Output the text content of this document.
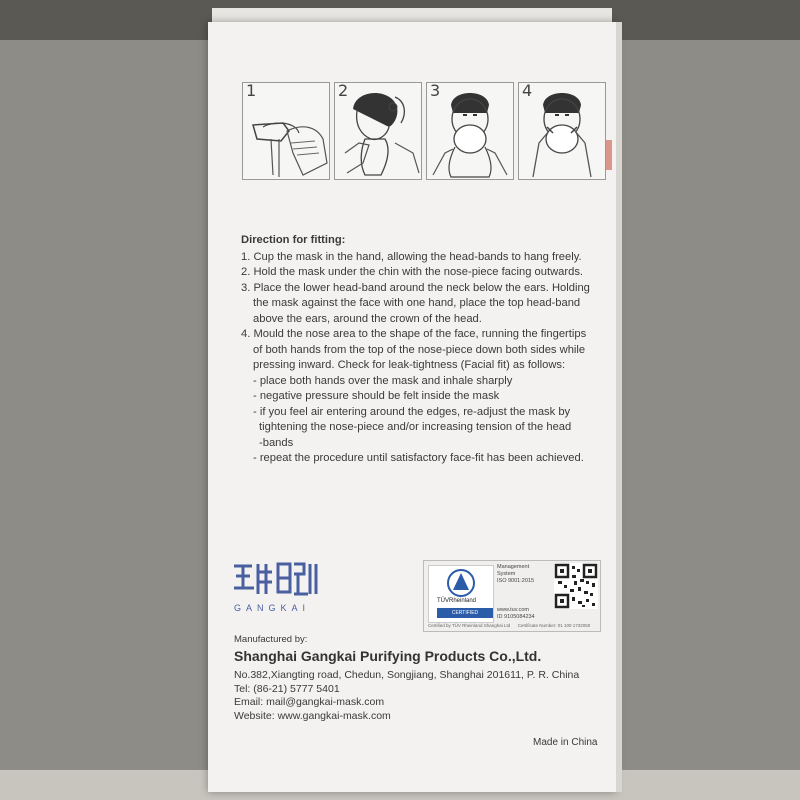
1	2	3	4
Direction for fitting:
1. Cup the mask in the hand, allowing the head-bands to hang freely.
2. Hold the mask under the chin with the nose-piece facing outwards.
3. Place the lower head-band around the neck below the ears. Holding
the mask against the face with one hand, place the top head-band
above the ears, around the crown of the head.
4. Mould the nose area to the shape of the face, running the fingertips
of both hands from the top of the nose-piece down both sides while
pressing inward. Check for leak-tightness (Facial fit) as follows:
- place both hands over the mask and inhale sharply
- negative pressure should be felt inside the mask
- if you feel air entering around the edges, re-adjust the mask by
tightening the nose-piece and/or increasing tension of the head
-bands
- repeat the procedure until satisfactory face-fit has been achieved.
GANGKAI
TÜVRheinland
CERTIFIED
Management
System
ISO 9001:2015
www.tuv.com
ID 9105084234
Certified by TÜV Rheinland Shanghai Ltd Certificate Number: 01 100 1732050
Manufactured by:
Shanghai Gangkai Purifying Products Co.,Ltd.
No.382,Xiangting road, Chedun, Songjiang, Shanghai 201611, P. R. China
Tel: (86-21) 5777 5401
Email: mail@gangkai-mask.com
Website: www.gangkai-mask.com
Made in China
